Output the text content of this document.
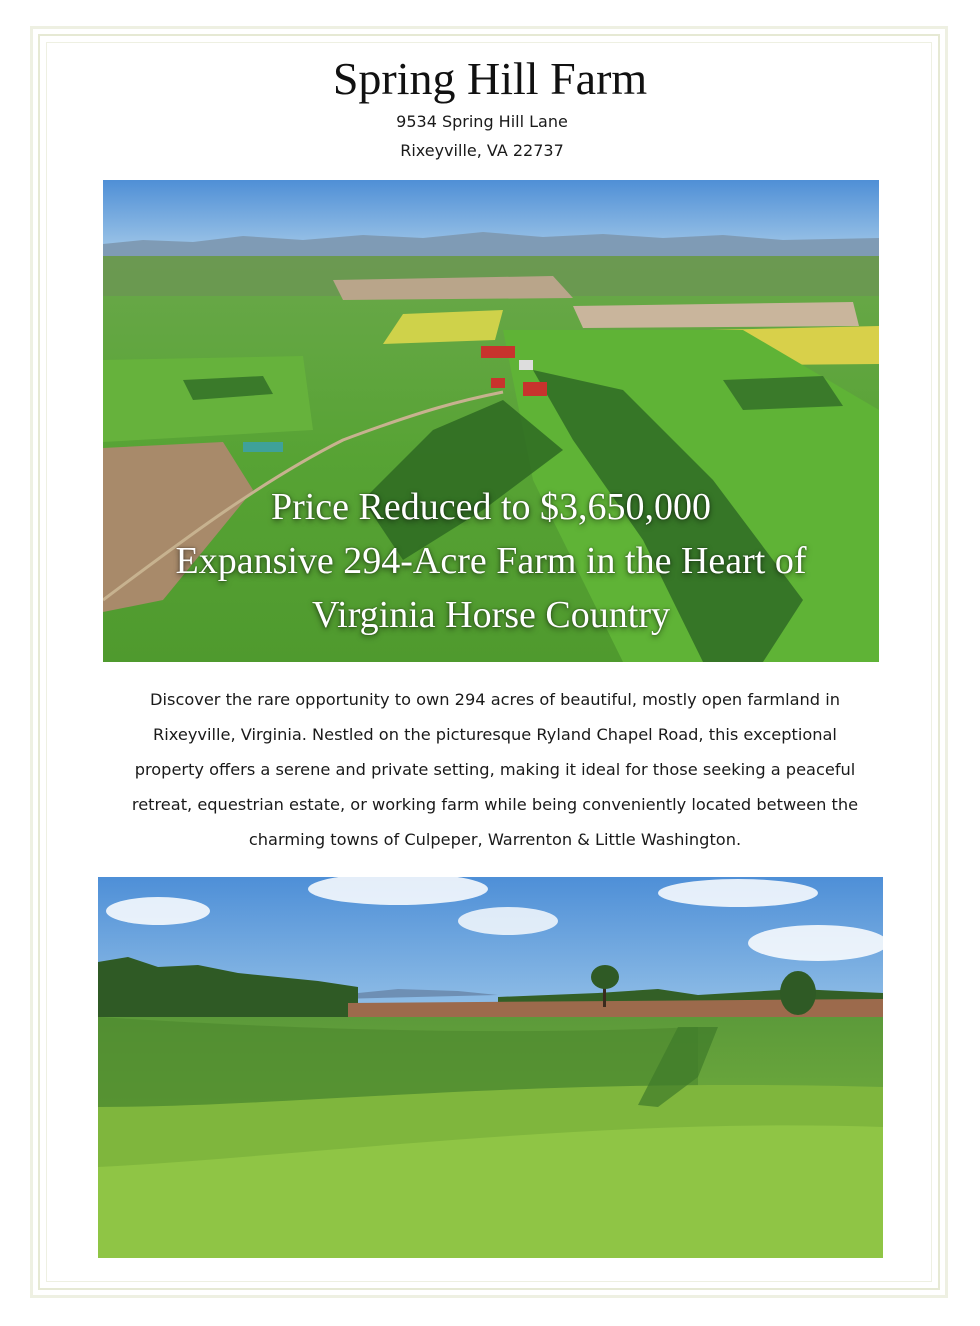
Spring Hill Farm
9534 Spring Hill Lane
Rixeyville, VA 22737
Price Reduced to $3,650,000
Expansive 294-Acre Farm in the Heart of
Virginia Horse Country
Discover the rare opportunity to own 294 acres of beautiful, mostly open farmland in
Rixeyville, Virginia. Nestled on the picturesque Ryland Chapel Road, this exceptional
property offers a serene and private setting, making it ideal for those seeking a peaceful
retreat, equestrian estate, or working farm while being conveniently located between the
charming towns of Culpeper, Warrenton & Little Washington.
